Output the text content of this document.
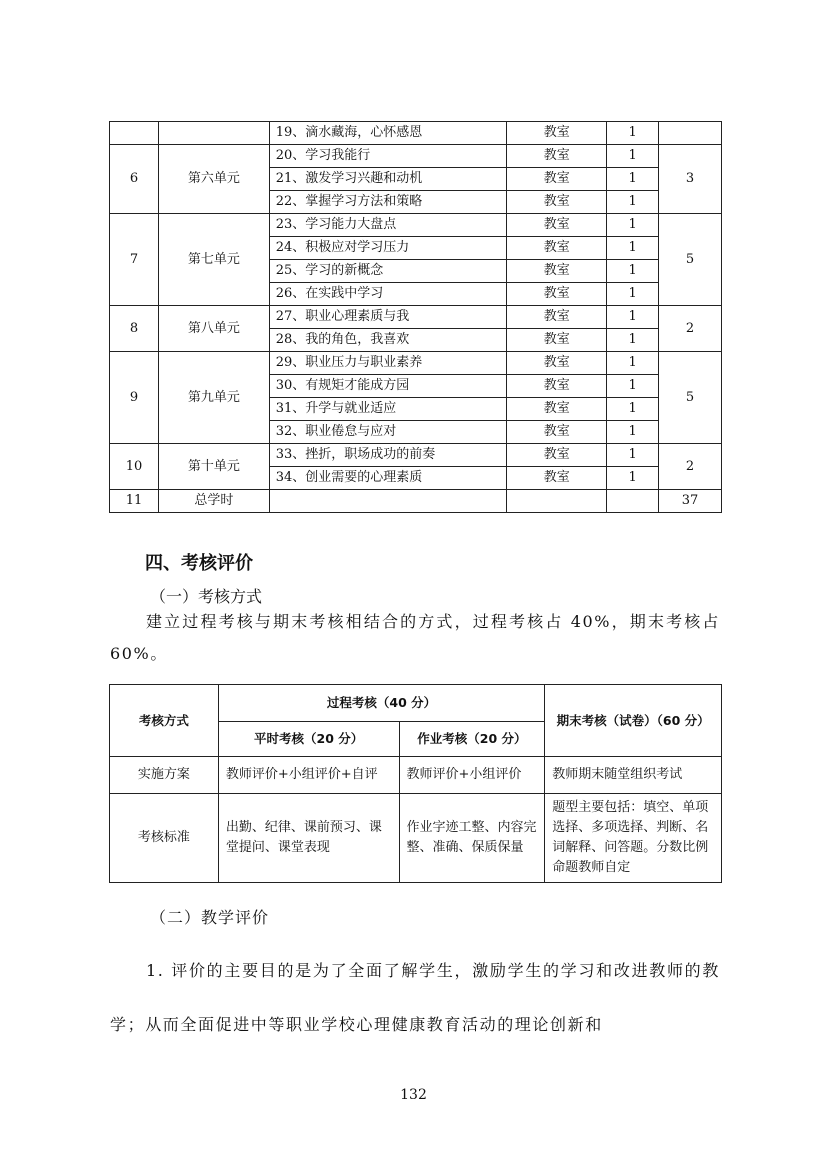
		19、滴水藏海，心怀感恩	教室	1	
6	第六单元	20、学习我能行	教室	1	3
		21、激发学习兴趣和动机	教室	1	
		22、掌握学习方法和策略	教室	1	
7	第七单元	23、学习能力大盘点	教室	1	5
		24、积极应对学习压力	教室	1	
		25、学习的新概念	教室	1	
		26、在实践中学习	教室	1	
8	第八单元	27、职业心理素质与我	教室	1	2
		28、我的角色，我喜欢	教室	1	
9	第九单元	29、职业压力与职业素养	教室	1	5
		30、有规矩才能成方园	教室	1	
		31、升学与就业适应	教室	1	
		32、职业倦怠与应对	教室	1	
10	第十单元	33、挫折，职场成功的前奏	教室	1	2
		34、创业需要的心理素质	教室	1	
11	总学时				37
四、考核评价

（一）考核方式

建立过程考核与期末考核相结合的方式，过程考核占 40%，期末考核占 60%。

考核方式	过程考核（40 分）		期末考核（试卷）（60 分）
	平时考核（20 分）	作业考核（20 分）	
实施方案	教师评价+小组评价+自评	教师评价+小组评价	教师期末随堂组织考试
考核标准	出勤、纪律、课前预习、课堂提问、课堂表现	作业字迹工整、内容完整、准确、保质保量	题型主要包括：填空、单项选择、多项选择、判断、名词解释、问答题。分数比例命题教师自定

（二）教学评价

1. 评价的主要目的是为了全面了解学生，激励学生的学习和改进教师的教学；从而全面促进中等职业学校心理健康教育活动的理论创新和

132
